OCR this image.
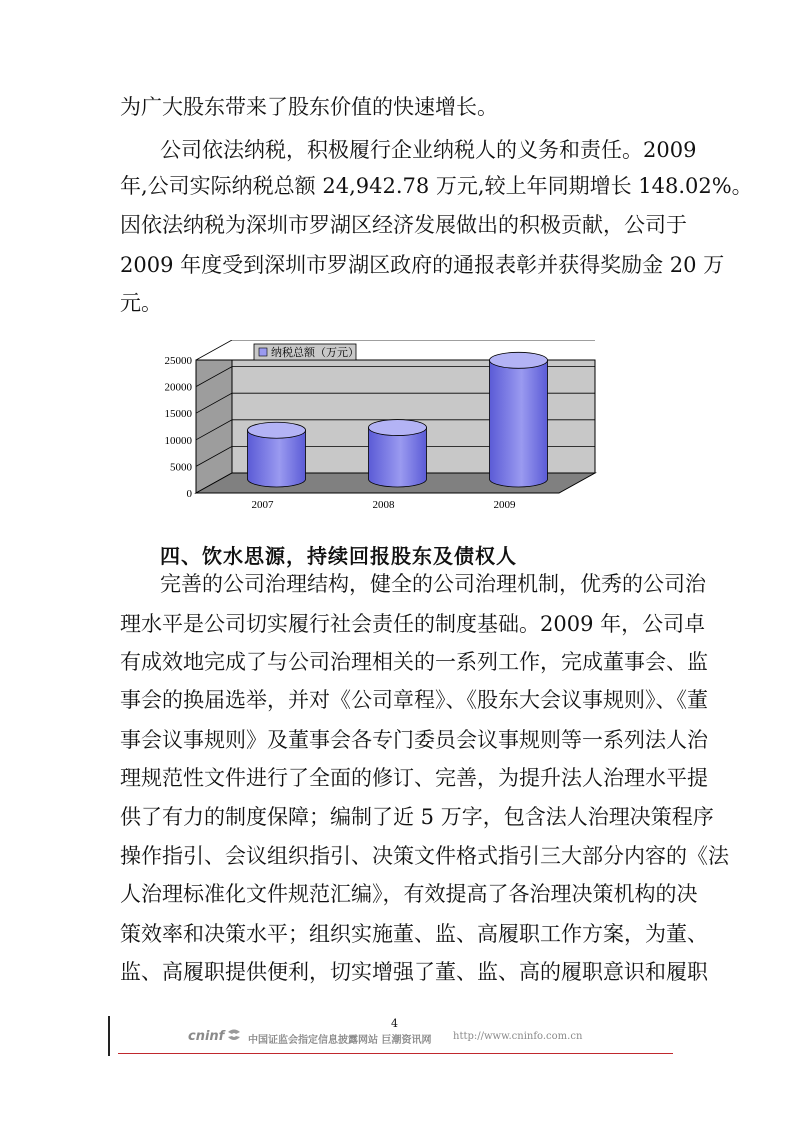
为广大股东带来了股东价值的快速增长。
公司依法纳税，积极履行企业纳税人的义务和责任。2009
年,公司实际纳税总额 24,942.78 万元,较上年同期增长 148.02%。
因依法纳税为深圳市罗湖区经济发展做出的积极贡献，公司于
2009 年度受到深圳市罗湖区政府的通报表彰并获得奖励金 20 万
元。
0
5000
10000
15000
20000
25000
2007	2008	2009
纳税总额（万元）
四、饮水思源，持续回报股东及债权人
完善的公司治理结构，健全的公司治理机制，优秀的公司治
理水平是公司切实履行社会责任的制度基础。2009 年，公司卓
有成效地完成了与公司治理相关的一系列工作，完成董事会、监
事会的换届选举，并对《公司章程》、《股东大会议事规则》、《董
事会议事规则》及董事会各专门委员会议事规则等一系列法人治
理规范性文件进行了全面的修订、完善，为提升法人治理水平提
供了有力的制度保障；编制了近 5 万字，包含法人治理决策程序
操作指引、会议组织指引、决策文件格式指引三大部分内容的《法
人治理标准化文件规范汇编》，有效提高了各治理决策机构的决
策效率和决策水平；组织实施董、监、高履职工作方案，为董、
监、高履职提供便利，切实增强了董、监、高的履职意识和履职
4
cninf 中国证监会指定信息披露网站 巨潮资讯网 http://www.cninfo.com.cn
